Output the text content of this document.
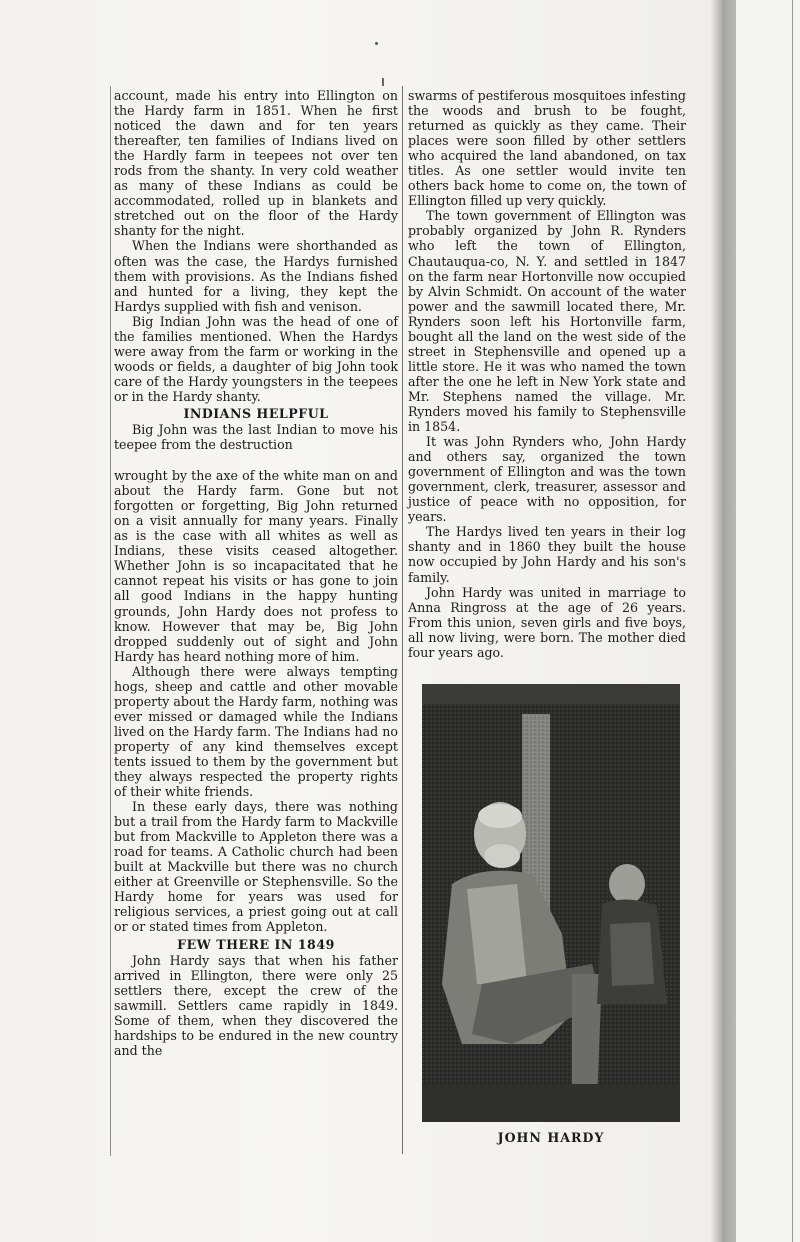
account, made his entry into Ellington on the Hardy farm in 1851. When he first noticed the dawn and for ten years thereafter, ten families of Indians lived on the Hardly farm in teepees not over ten rods from the shanty. In very cold weather as many of these Indians as could be accommodated, rolled up in blankets and stretched out on the floor of the Hardy shanty for the night.

When the Indians were shorthanded as often was the case, the Hardys furnished them with provisions. As the Indians fished and hunted for a living, they kept the Hardys supplied with fish and venison.

Big Indian John was the head of one of the families mentioned. When the Hardys were away from the farm or working in the woods or fields, a daughter of big John took care of the Hardy youngsters in the teepees or in the Hardy shanty.

INDIANS HELPFUL

Big John was the last Indian to move his teepee from the destruction

wrought by the axe of the white man on and about the Hardy farm. Gone but not forgotten or forgetting, Big John returned on a visit annually for many years. Finally as is the case with all whites as well as Indians, these visits ceased altogether. Whether John is so incapacitated that he cannot repeat his visits or has gone to join all good Indians in the happy hunting grounds, John Hardy does not profess to know. However that may be, Big John dropped suddenly out of sight and John Hardy has heard nothing more of him.

Although there were always tempting hogs, sheep and cattle and other movable property about the Hardy farm, nothing was ever missed or damaged while the Indians lived on the Hardy farm. The Indians had no property of any kind themselves except tents issued to them by the government but they always respected the property rights of their white friends.

In these early days, there was nothing but a trail from the Hardy farm to Mackville but from Mackville to Appleton there was a road for teams. A Catholic church had been built at Mackville but there was no church either at Greenville or Stephensville. So the Hardy home for years was used for religious services, a priest going out at call or or stated times from Appleton.

FEW THERE IN 1849

John Hardy says that when his father arrived in Ellington, there were only 25 settlers there, except the crew of the sawmill. Settlers came rapidly in 1849. Some of them, when they discovered the hardships to be endured in the new country and the

swarms of pestiferous mosquitoes infesting the woods and brush to be fought, returned as quickly as they came. Their places were soon filled by other settlers who acquired the land abandoned, on tax titles. As one settler would invite ten others back home to come on, the town of Ellington filled up very quickly.

The town government of Ellington was probably organized by John R. Rynders who left the town of Ellington, Chautauqua-co, N. Y. and settled in 1847 on the farm near Hortonville now occupied by Alvin Schmidt. On account of the water power and the sawmill located there, Mr. Rynders soon left his Hortonville farm, bought all the land on the west side of the street in Stephensville and opened up a little store. He it was who named the town after the one he left in New York state and Mr. Stephens named the village. Mr. Rynders moved his family to Stephensville in 1854.

It was John Rynders who, John Hardy and others say, organized the town government of Ellington and was the town government, clerk, treasurer, assessor and justice of peace with no opposition, for years.

The Hardys lived ten years in their log shanty and in 1860 they built the house now occupied by John Hardy and his son's family.

John Hardy was united in marriage to Anna Ringross at the age of 26 years. From this union, seven girls and five boys, all now living, were born. The mother died four years ago.

JOHN HARDY
